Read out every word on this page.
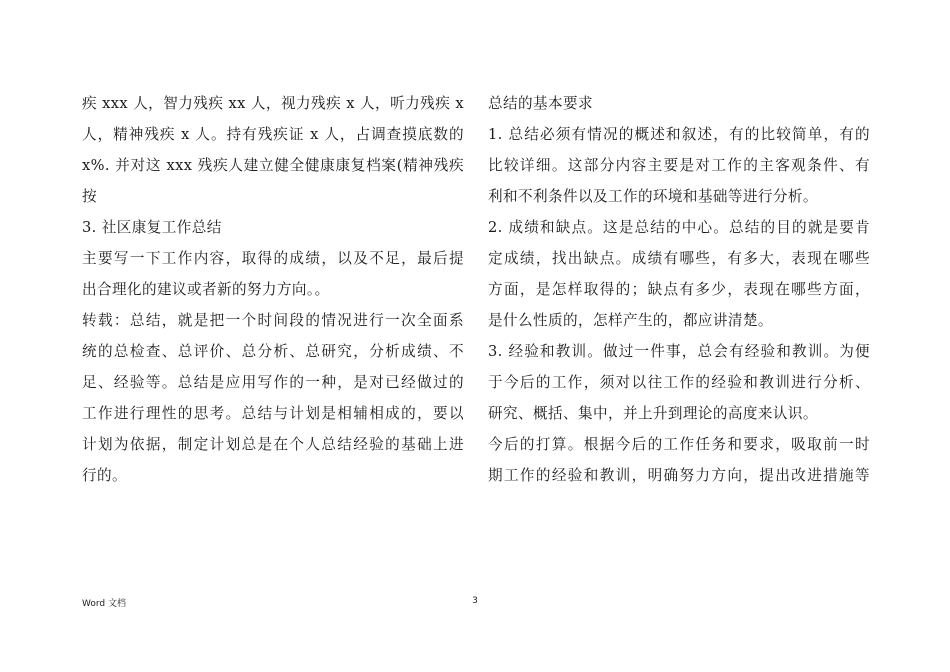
疾 xxx 人，智力残疾 xx 人，视力残疾 x 人，听力残疾 x
人，精神残疾 x 人。持有残疾证 x 人，占调查摸底数的
x%. 并对这 xxx 残疾人建立健全健康康复档案(精神残疾
按
3. 社区康复工作总结
主要写一下工作内容，取得的成绩，以及不足，最后提
出合理化的建议或者新的努力方向。。
转载：总结，就是把一个时间段的情况进行一次全面系
统的总检查、总评价、总分析、总研究，分析成绩、不
足、经验等。总结是应用写作的一种，是对已经做过的
工作进行理性的思考。总结与计划是相辅相成的，要以
计划为依据，制定计划总是在个人总结经验的基础上进
行的。
总结的基本要求
1. 总结必须有情况的概述和叙述，有的比较简单，有的
比较详细。这部分内容主要是对工作的主客观条件、有
利和不利条件以及工作的环境和基础等进行分析。
2. 成绩和缺点。这是总结的中心。总结的目的就是要肯
定成绩，找出缺点。成绩有哪些，有多大，表现在哪些
方面，是怎样取得的；缺点有多少，表现在哪些方面，
是什么性质的，怎样产生的，都应讲清楚。
3. 经验和教训。做过一件事，总会有经验和教训。为便
于今后的工作，须对以往工作的经验和教训进行分析、
研究、概括、集中，并上升到理论的高度来认识。
今后的打算。根据今后的工作任务和要求，吸取前一时
期工作的经验和教训，明确努力方向，提出改进措施等
Word 文档	3
